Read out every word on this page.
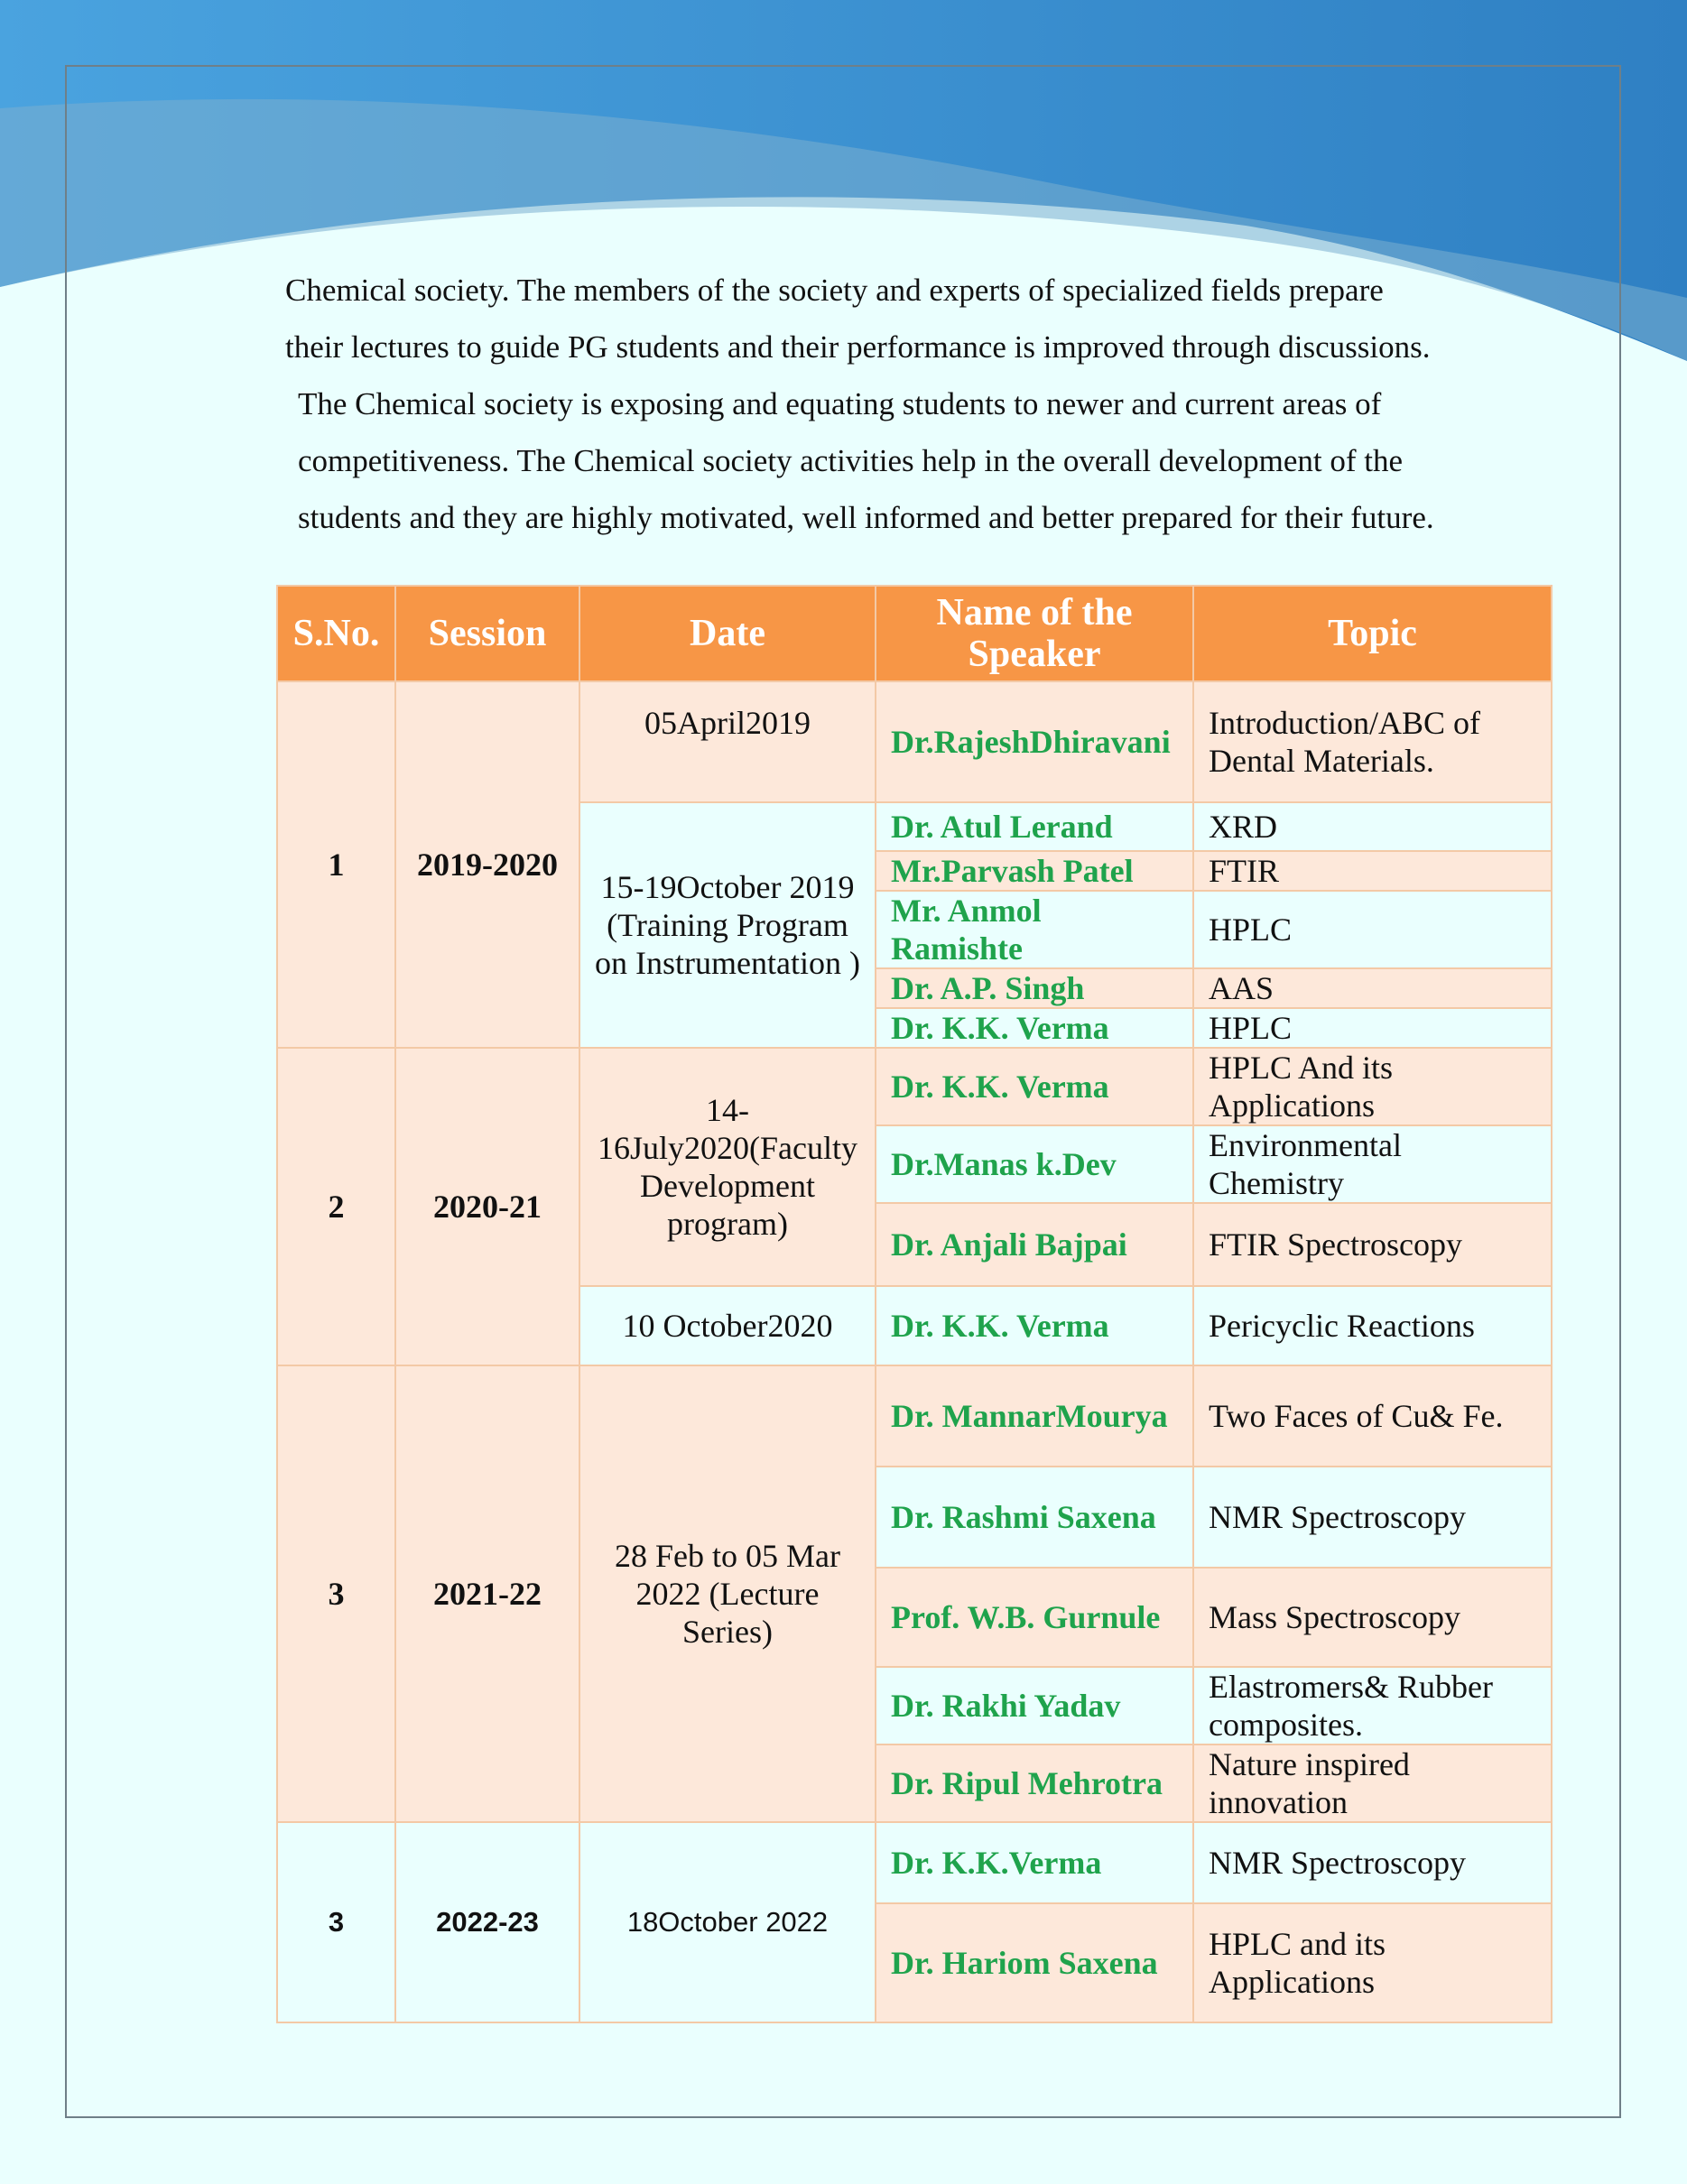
Chemical society. The members of the society and experts of specialized fields prepare

their lectures to guide PG students and their performance is improved through discussions.

The Chemical society is exposing and equating students to newer and current areas of

competitiveness. The Chemical society activities help in the overall development of the

students and they are highly motivated, well informed and better prepared for their future.

S.No.	Session	Date	Name of the Speaker	Topic
1	2019-2020	05April2019	Dr.RajeshDhiravani	Introduction/ABC of Dental Materials.
		15-19October 2019 (Training Program on Instrumentation )	Dr. Atul Lerand	XRD
			Mr.Parvash Patel	FTIR
			Mr. Anmol Ramishte	HPLC
			Dr. A.P. Singh	AAS
			Dr. K.K. Verma	HPLC
2	2020-21	14-16July2020(Faculty Development program)	Dr. K.K. Verma	HPLC And its Applications
			Dr.Manas k.Dev	Environmental Chemistry
			Dr. Anjali Bajpai	FTIR Spectroscopy
		10 October2020	Dr. K.K. Verma	Pericyclic Reactions
3	2021-22	28 Feb to 05 Mar 2022 (Lecture Series)	Dr. MannarMourya	Two Faces of Cu& Fe.
			Dr. Rashmi Saxena	NMR Spectroscopy
			Prof. W.B. Gurnule	Mass Spectroscopy
			Dr. Rakhi Yadav	Elastromers& Rubber composites.
			Dr. Ripul Mehrotra	Nature inspired innovation
3	2022-23	18October 2022	Dr. K.K.Verma	NMR Spectroscopy
			Dr. Hariom Saxena	HPLC and its Applications
